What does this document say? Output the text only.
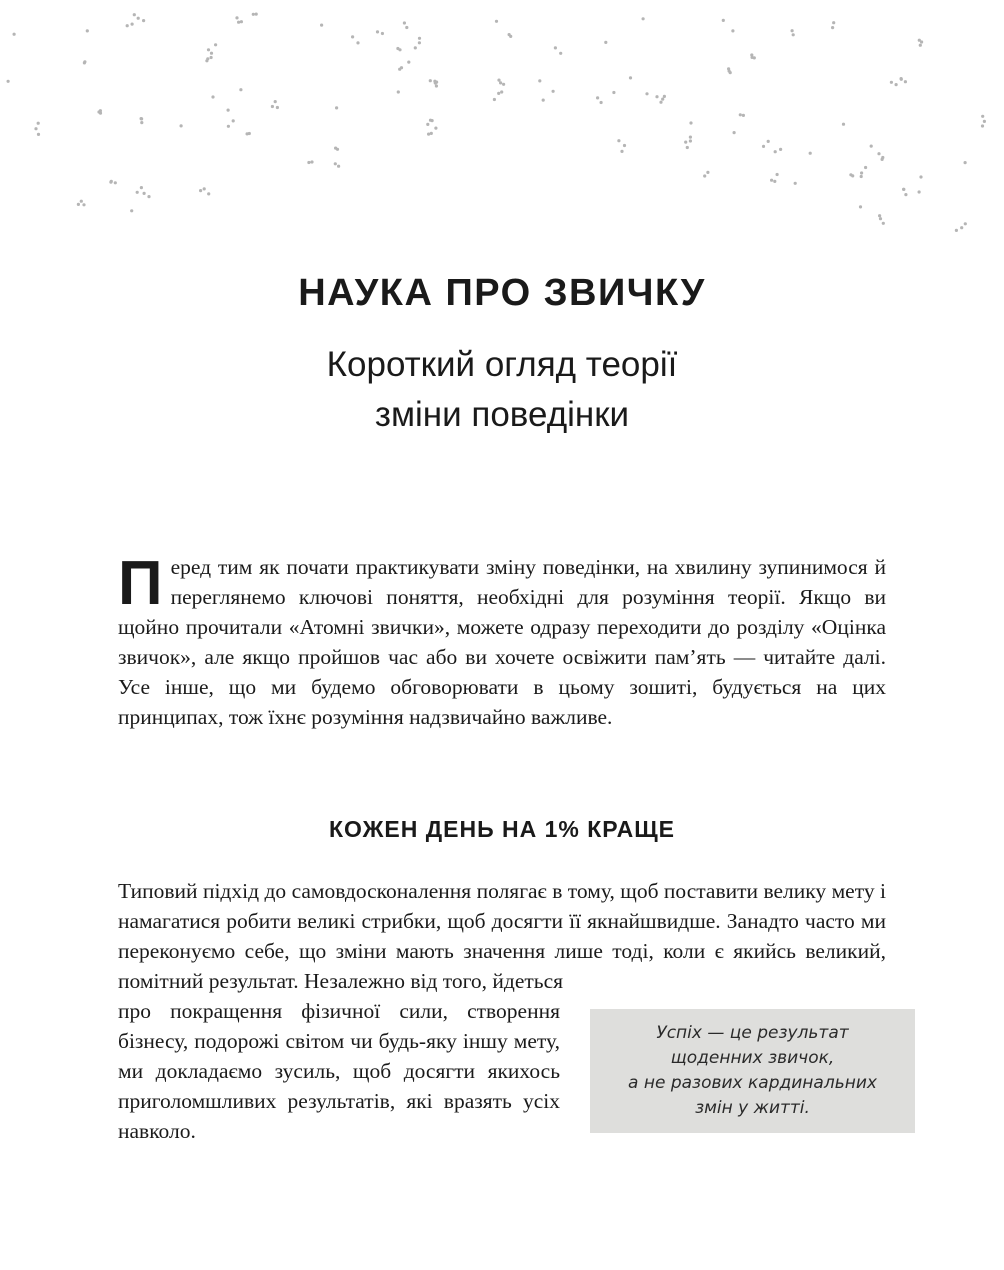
НАУКА ПРО ЗВИЧКУ
Короткий огляд теорії
зміни поведінки

Перед тим як почати практикувати зміну поведінки, на хвилину зупинимося й переглянемо ключові поняття, необхідні для розуміння теорії. Якщо ви щойно прочитали «Атомні звички», можете одразу переходити до розділу «Оцінка звичок», але якщо пройшов час або ви хочете освіжити пам’ять — читайте далі. Усе інше, що ми будемо обговорювати в цьому зошиті, будується на цих принципах, тож їхнє розуміння надзвичайно важливе.

КОЖЕН ДЕНЬ НА 1% КРАЩЕ

Типовий підхід до самовдосконалення полягає в тому, щоб поставити велику мету і намагатися робити великі стрибки, щоб досягти її якнайшвидше. Занадто часто ми переконуємо себе, що зміни мають значення лише тоді, коли є якийсь великий, помітний результат. Незалежно від того, йдеться

про покращення фізичної сили, створення бізнесу, подорожі світом чи будь-яку іншу мету, ми докладаємо зусиль, щоб досягти якихось приголомшливих результатів, які вразять усіх навколо.

Успіх — це результат
щоденних звичок,
а не разових кардинальних
змін у житті.
